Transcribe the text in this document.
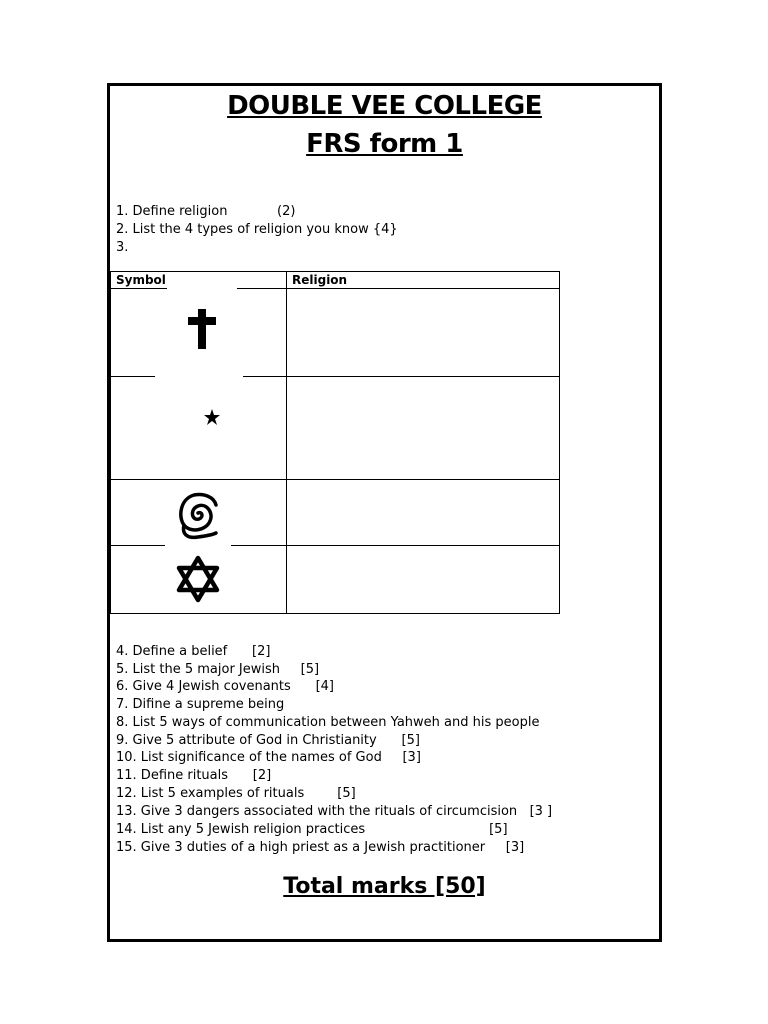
DOUBLE VEE COLLEGE
FRS form 1
1. Define religion            (2)
2. List the 4 types of religion you know {4}
3.
Symbol	Religion

4. Define a belief      [2]
5. List the 5 major Jewish     [5]
6. Give 4 Jewish covenants      [4]
7. Difine a supreme being
8. List 5 ways of communication between Yahweh and his people
9. Give 5 attribute of God in Christianity      [5]
10. List significance of the names of God     [3]
11. Define rituals      [2]
12. List 5 examples of rituals        [5]
13. Give 3 dangers associated with the rituals of circumcision   [3 ]
14. List any 5 Jewish religion practices                              [5]
15. Give 3 duties of a high priest as a Jewish practitioner     [3]
Total marks [50]
